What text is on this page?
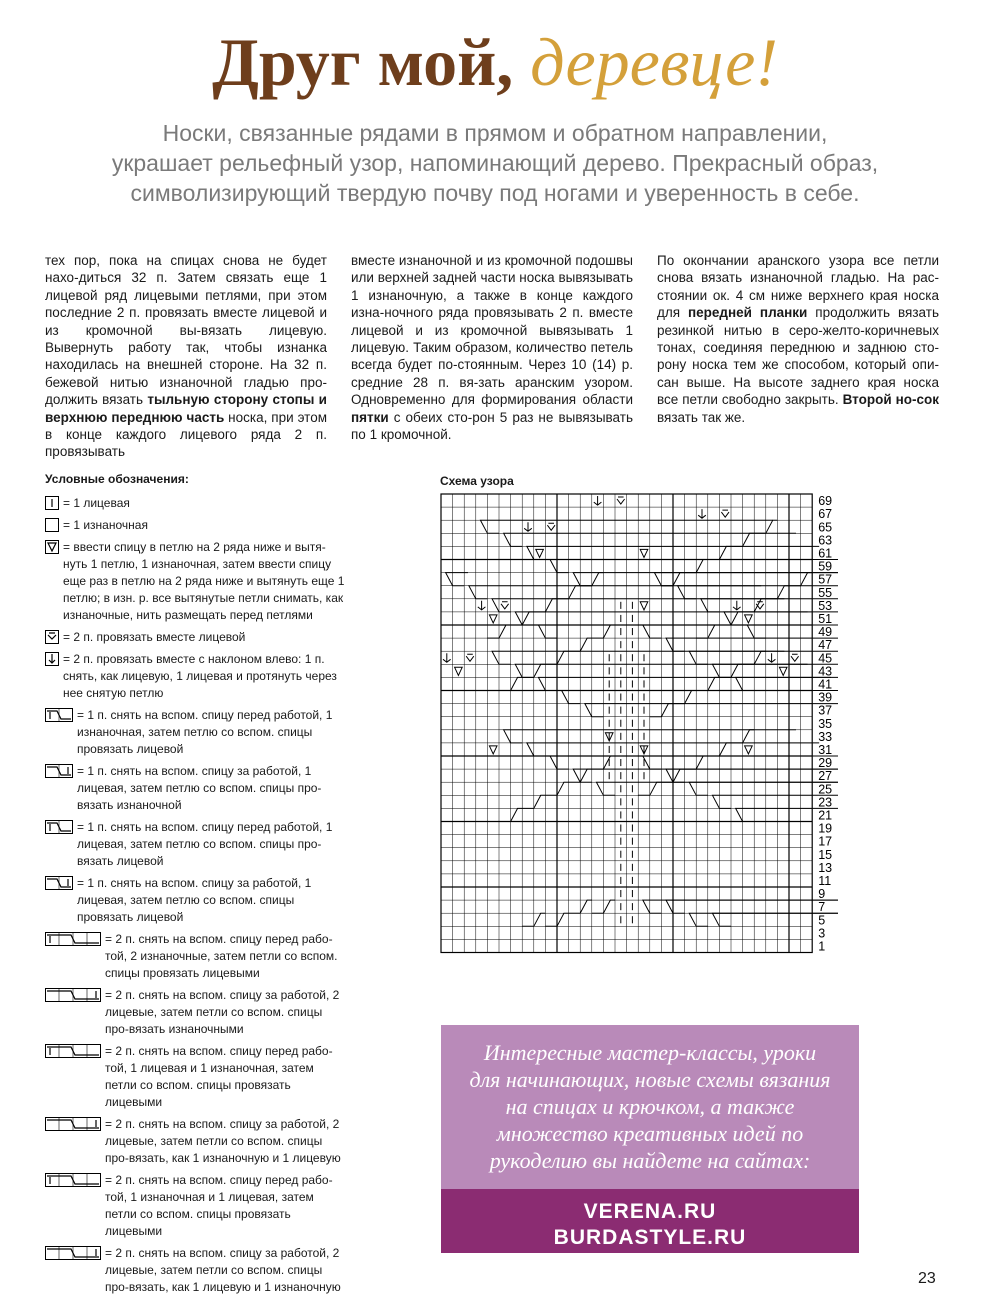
Друг мой, деревце!
Носки, связанные рядами в прямом и обратном направлении,
украшает рельефный узор, напоминающий дерево. Прекрасный образ,
символизирующий твердую почву под ногами и уверенность в себе.

тех пор, пока на спицах снова не будет нахо-диться 32 п. Затем связать еще 1 лицевой ряд лицевыми петлями, при этом последние 2 п. провязать вместе лицевой и из кромочной вы-вязать лицевую. Вывернуть работу так, чтобы изнанка находилась на внешней стороне. На 32 п. бежевой нитью изнаночной гладью про-должить вязать тыльную сторону стопы и верхнюю переднюю часть носка, при этом в конце каждого лицевого ряда 2 п. провязывать

вместе изнаночной и из кромочной подошвы или верхней задней части носка вывязывать 1 изнаночную, а также в конце каждого изна-ночного ряда провязывать 2 п. вместе лицевой и из кромочной вывязывать 1 лицевую. Таким образом, количество петель всегда будет по-стоянным. Через 10 (14) р. средние 28 п. вя-зать аранским узором. Одновременно для формирования области пятки с обеих сто-рон 5 раз не вывязывать по 1 кромочной.

По окончании аранского узора все петли снова вязать изнаночной гладью. На рас-стоянии ок. 4 см ниже верхнего края носка для передней планки продолжить вязать резинкой нитью в серо-желто-коричневых тонах, соединяя переднюю и заднюю сто-рону носка тем же способом, который опи-сан выше. На высоте заднего края носка все петли свободно закрыть. Второй но-сок вязать так же.

Условные обозначения:
= 1 лицевая
= 1 изнаночная
= ввести спицу в петлю на 2 ряда ниже и вытя-нуть 1 петлю, 1 изнаночная, затем ввести спицу еще раз в петлю на 2 ряда ниже и вытянуть еще 1 петлю; в изн. р. все вытянутые петли снимать, как изнаночные, нить размещать перед петлями
= 2 п. провязать вместе лицевой
= 2 п. провязать вместе с наклоном влево: 1 п. снять, как лицевую, 1 лицевая и протянуть через нее снятую петлю
= 1 п. снять на вспом. спицу перед работой, 1 изнаночная, затем петлю со вспом. спицы провязать лицевой
= 1 п. снять на вспом. спицу за работой, 1 лицевая, затем петлю со вспом. спицы про-вязать изнаночной
= 1 п. снять на вспом. спицу перед работой, 1 лицевая, затем петлю со вспом. спицы про-вязать лицевой
= 1 п. снять на вспом. спицу за работой, 1 лицевая, затем петлю со вспом. спицы провязать лицевой
= 2 п. снять на вспом. спицу перед рабо-той, 2 изнаночные, затем петли со вспом. спицы провязать лицевыми
= 2 п. снять на вспом. спицу за работой, 2 лицевые, затем петли со вспом. спицы про-вязать изнаночными
= 2 п. снять на вспом. спицу перед рабо-той, 1 лицевая и 1 изнаночная, затем петли со вспом. спицы провязать лицевыми
= 2 п. снять на вспом. спицу за работой, 2 лицевые, затем петли со вспом. спицы про-вязать, как 1 изнаночную и 1 лицевую
= 2 п. снять на вспом. спицу перед рабо-той, 1 изнаночная и 1 лицевая, затем петли со вспом. спицы провязать лицевыми
= 2 п. снять на вспом. спицу за работой, 2 лицевые, затем петли со вспом. спицы про-вязать, как 1 лицевую и 1 изнаночную
Схема узора
69
67
65
63
61
59
57
55
53
51
49
47
45
43
41
39
37
35
33
31
29
27
25
23
21
19
17
15
13
11
9
7
5
3
1
Интересные мастер-классы, уроки
для начинающих, новые схемы вязания
на спицах и крючком, а также
множество креативных идей по
рукоделию вы найдете на сайтах:
VERENA.RU
BURDASTYLE.RU
23
